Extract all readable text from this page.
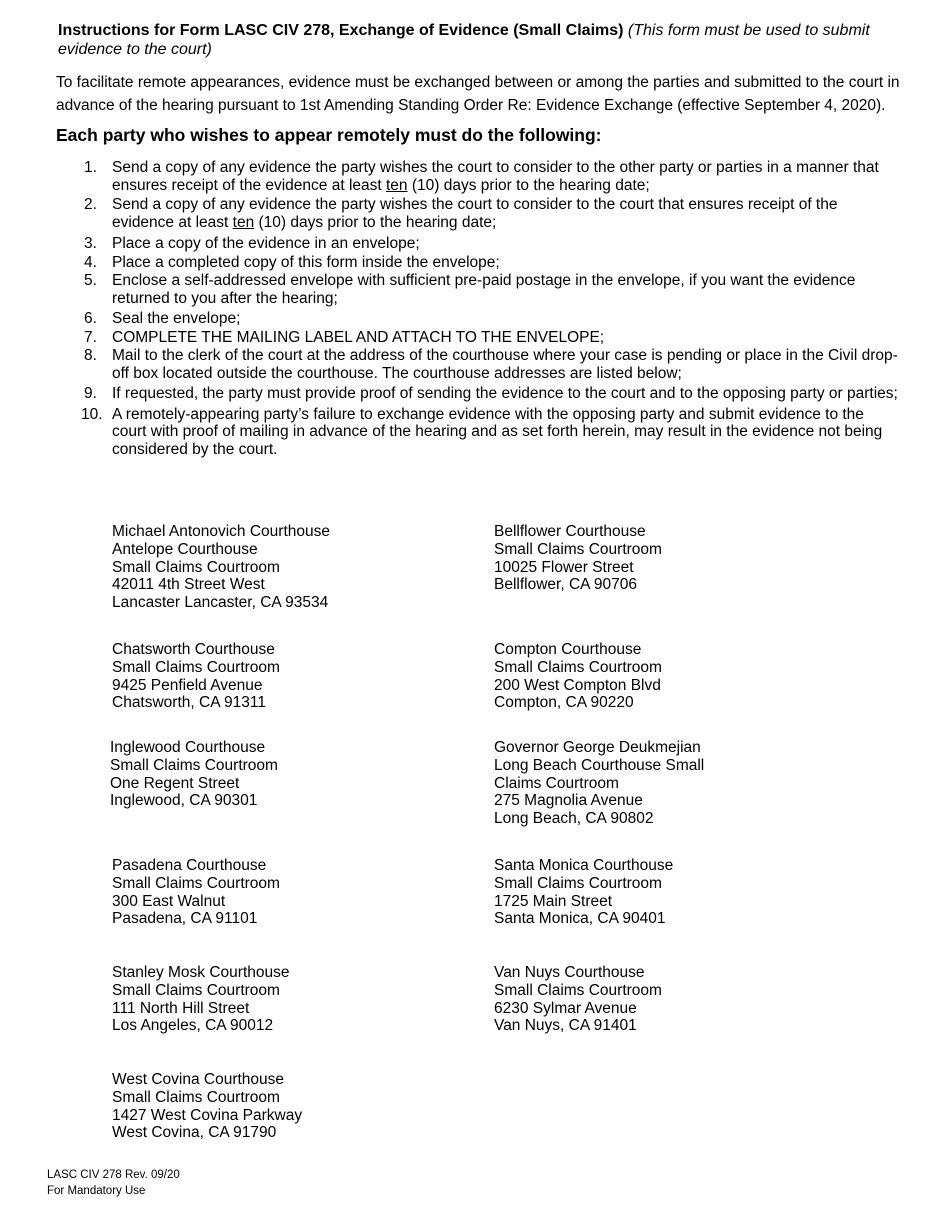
Instructions for Form LASC CIV 278, Exchange of Evidence (Small Claims) (This form must be used to submit evidence to the court)
To facilitate remote appearances, evidence must be exchanged between or among the parties and submitted to the court in advance of the hearing pursuant to 1st Amending Standing Order Re: Evidence Exchange (effective September 4, 2020).
Each party who wishes to appear remotely must do the following:
1. Send a copy of any evidence the party wishes the court to consider to the other party or parties in a manner that ensures receipt of the evidence at least ten (10) days prior to the hearing date;
2. Send a copy of any evidence the party wishes the court to consider to the court that ensures receipt of the evidence at least ten (10) days prior to the hearing date;
3. Place a copy of the evidence in an envelope;
4. Place a completed copy of this form inside the envelope;
5. Enclose a self-addressed envelope with sufficient pre-paid postage in the envelope, if you want the evidence returned to you after the hearing;
6. Seal the envelope;
7. COMPLETE THE MAILING LABEL AND ATTACH TO THE ENVELOPE;
8. Mail to the clerk of the court at the address of the courthouse where your case is pending or place in the Civil drop-off box located outside the courthouse. The courthouse addresses are listed below;
9. If requested, the party must provide proof of sending the evidence to the court and to the opposing party or parties;
10. A remotely-appearing party’s failure to exchange evidence with the opposing party and submit evidence to the court with proof of mailing in advance of the hearing and as set forth herein, may result in the evidence not being considered by the court.
Michael Antonovich Courthouse
Antelope Courthouse
Small Claims Courtroom
42011 4th Street West
Lancaster Lancaster, CA 93534
Bellflower Courthouse
Small Claims Courtroom
10025 Flower Street
Bellflower, CA 90706
Chatsworth Courthouse
Small Claims Courtroom
9425 Penfield Avenue
Chatsworth, CA 91311
Compton Courthouse
Small Claims Courtroom
200 West Compton Blvd
Compton, CA 90220
Inglewood Courthouse
Small Claims Courtroom
One Regent Street
Inglewood, CA 90301
Governor George Deukmejian
Long Beach Courthouse Small
Claims Courtroom
275 Magnolia Avenue
Long Beach, CA 90802
Pasadena Courthouse
Small Claims Courtroom
300 East Walnut
Pasadena, CA 91101
Santa Monica Courthouse
Small Claims Courtroom
1725 Main Street
Santa Monica, CA 90401
Stanley Mosk Courthouse
Small Claims Courtroom
111 North Hill Street
Los Angeles, CA 90012
Van Nuys Courthouse
Small Claims Courtroom
6230 Sylmar Avenue
Van Nuys, CA 91401
West Covina Courthouse
Small Claims Courtroom
1427 West Covina Parkway
West Covina, CA 91790
LASC CIV 278 Rev. 09/20
For Mandatory Use
